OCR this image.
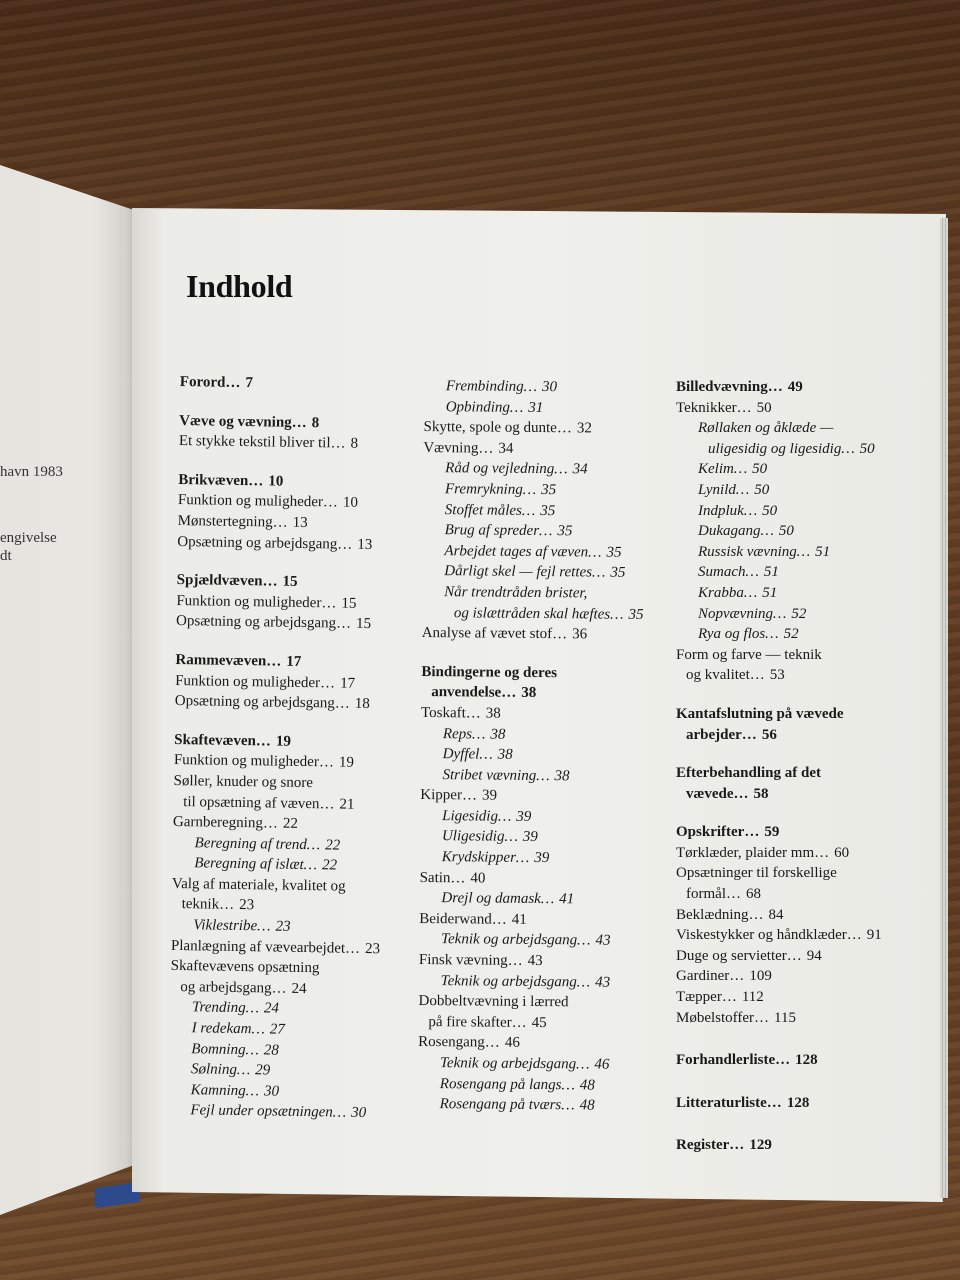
havn 1983
engivelse
dt
Indhold
Forord… 7
Væve og vævning… 8
Et stykke tekstil bliver til… 8
Brikvæven… 10
Funktion og muligheder… 10
Mønstertegning… 13
Opsætning og arbejdsgang… 13
Spjældvæven… 15
Funktion og muligheder… 15
Opsætning og arbejdsgang… 15
Rammevæven… 17
Funktion og muligheder… 17
Opsætning og arbejdsgang… 18
Skaftevæven… 19
Funktion og muligheder… 19
Søller, knuder og snore
til opsætning af væven… 21
Garnberegning… 22
Beregning af trend… 22
Beregning af islæt… 22
Valg af materiale, kvalitet og
teknik… 23
Viklestribe… 23
Planlægning af vævearbejdet… 23
Skaftevævens opsætning
og arbejdsgang… 24
Trending… 24
I redekam… 27
Bomning… 28
Sølning… 29
Kamning… 30
Fejl under opsætningen… 30
Frembinding… 30
Opbinding… 31
Skytte, spole og dunte… 32
Vævning… 34
Råd og vejledning… 34
Fremrykning… 35
Stoffet måles… 35
Brug af spreder… 35
Arbejdet tages af væven… 35
Dårligt skel — fejl rettes… 35
Når trendtråden brister,
og islættråden skal hæftes… 35
Analyse af vævet stof… 36
Bindingerne og deres
anvendelse… 38
Toskaft… 38
Reps… 38
Dyffel… 38
Stribet vævning… 38
Kipper… 39
Ligesidig… 39
Uligesidig… 39
Krydskipper… 39
Satin… 40
Drejl og damask… 41
Beiderwand… 41
Teknik og arbejdsgang… 43
Finsk vævning… 43
Teknik og arbejdsgang… 43
Dobbeltvævning i lærred
på fire skafter… 45
Rosengang… 46
Teknik og arbejdsgang… 46
Rosengang på langs… 48
Rosengang på tværs… 48
Billedvævning… 49
Teknikker… 50
Røllaken og åklæde —
uligesidig og ligesidig… 50
Kelim… 50
Lynild… 50
Indpluk… 50
Dukagang… 50
Russisk vævning… 51
Sumach… 51
Krabba… 51
Nopvævning… 52
Rya og flos… 52
Form og farve — teknik
og kvalitet… 53
Kantafslutning på vævede
arbejder… 56
Efterbehandling af det
vævede… 58
Opskrifter… 59
Tørklæder, plaider mm… 60
Opsætninger til forskellige
formål… 68
Beklædning… 84
Viskestykker og håndklæder… 91
Duge og servietter… 94
Gardiner… 109
Tæpper… 112
Møbelstoffer… 115
Forhandlerliste… 128
Litteraturliste… 128
Register… 129
